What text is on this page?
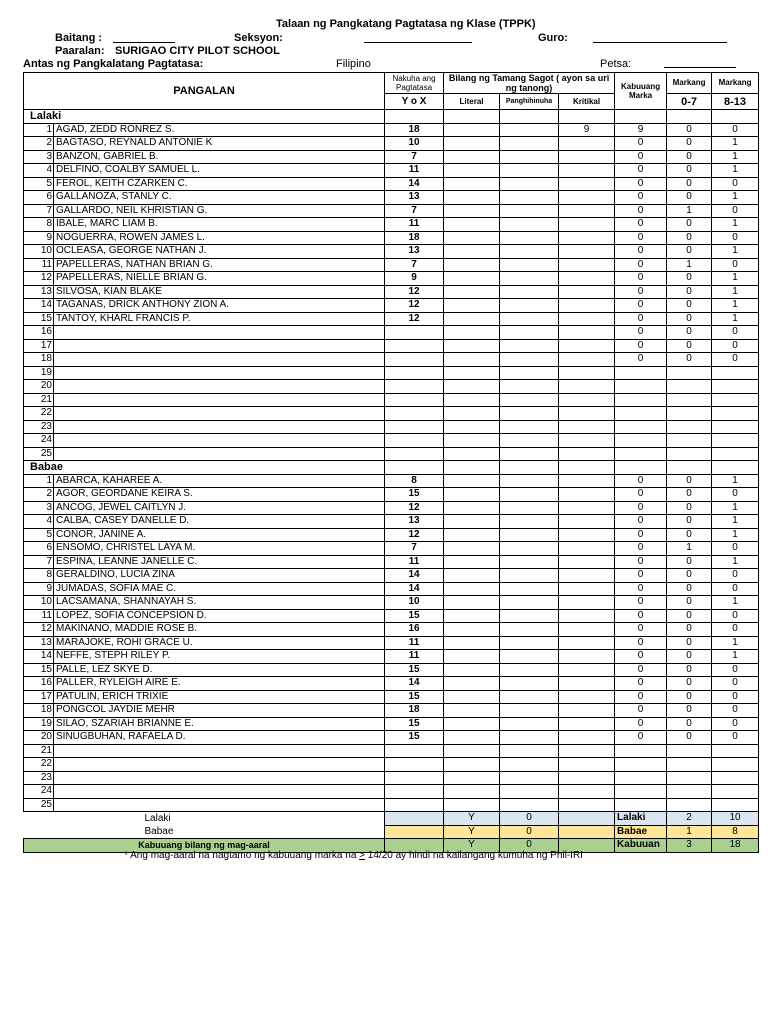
Talaan ng Pangkatang Pagtatasa ng Klase (TPPK)
Baitang :	Seksyon:	Guro:
Paaralan: SURIGAO CITY PILOT SCHOOL
Antas ng Pangkalatang Pagtatasa:	Filipino	Petsa:
PANGALAN		Nakuha ang Pagtatasa	Bilang ng Tamang Sagot ( ayon sa uri ng tanong)			Kabuuang Marka	Markang	Markang
		Y o X	Literal	Panghihinuha	Kritikal		0-7	8-13
Lalaki								
1	AGAD, ZEDD RONREZ S.	18			9	9	0	0
2	BAGTASO, REYNALD ANTONIE K	10				0	0	1
3	BANZON, GABRIEL B.	7				0	0	1
4	DELFINO, COALBY SAMUEL L.	11				0	0	1
5	FEROL, KEITH CZARKEN C.	14				0	0	0
6	GALLANOZA, STANLY C.	13				0	0	1
7	GALLARDO, NEIL KHRISTIAN G.	7				0	1	0
8	IBALE, MARC LIAM B.	11				0	0	1
9	NOGUERRA, ROWEN JAMES L.	18				0	0	0
10	OCLEASA, GEORGE NATHAN J.	13				0	0	1
11	PAPELLERAS, NATHAN BRIAN G.	7				0	1	0
12	PAPELLERAS, NIELLE BRIAN G.	9				0	0	1
13	SILVOSA, KIAN BLAKE	12				0	0	1
14	TAGANAS, DRICK ANTHONY ZION A.	12				0	0	1
15	TANTOY, KHARL FRANCIS P.	12				0	0	1
16						0	0	0
17						0	0	0
18						0	0	0
19								
20								
21								
22								
23								
24								
25								
Babae								
1	ABARCA, KAHAREE A.	8				0	0	1
2	AGOR, GEORDANE KEIRA S.	15				0	0	0
3	ANCOG, JEWEL CAITLYN J.	12				0	0	1
4	CALBA, CASEY DANELLE D.	13				0	0	1
5	CONOR, JANINE A.	12				0	0	1
6	ENSOMO, CHRISTEL LAYA M.	7				0	1	0
7	ESPINA, LEANNE JANELLE C.	11				0	0	1
8	GERALDINO, LUCIA ZINA	14				0	0	0
9	JUMADAS, SOFIA MAE C.	14				0	0	0
10	LACSAMANA, SHANNAYAH S.	10				0	0	1
11	LOPEZ, SOFIA CONCEPSION D.	15				0	0	0
12	MAKINANO, MADDIE ROSE B.	16				0	0	0
13	MARAJOKE, ROHI GRACE U.	11				0	0	1
14	NEFFE, STEPH RILEY P.	11				0	0	1
15	PALLE, LEZ SKYE D.	15				0	0	0
16	PALLER, RYLEIGH AIRE E.	14				0	0	0
17	PATULIN, ERICH TRIXIE	15				0	0	0
18	PONGCOL JAYDIE MEHR	18				0	0	0
19	SILAO, SZARIAH BRIANNE E.	15				0	0	0
20	SINUGBUHAN, RAFAELA D.	15				0	0	0
21								
22								
23								
24								
25								
Lalaki			Y	0		Lalaki	2	10
Babae			Y	0		Babae	1	8
Kabuuang bilang ng mag-aaral			Y	0		Kabuuan	3	18
* Ang mag-aaral na nagtamo ng kabuuang marka na > 14/20 ay hindi na kailangang kumuha ng Phil-IRI
